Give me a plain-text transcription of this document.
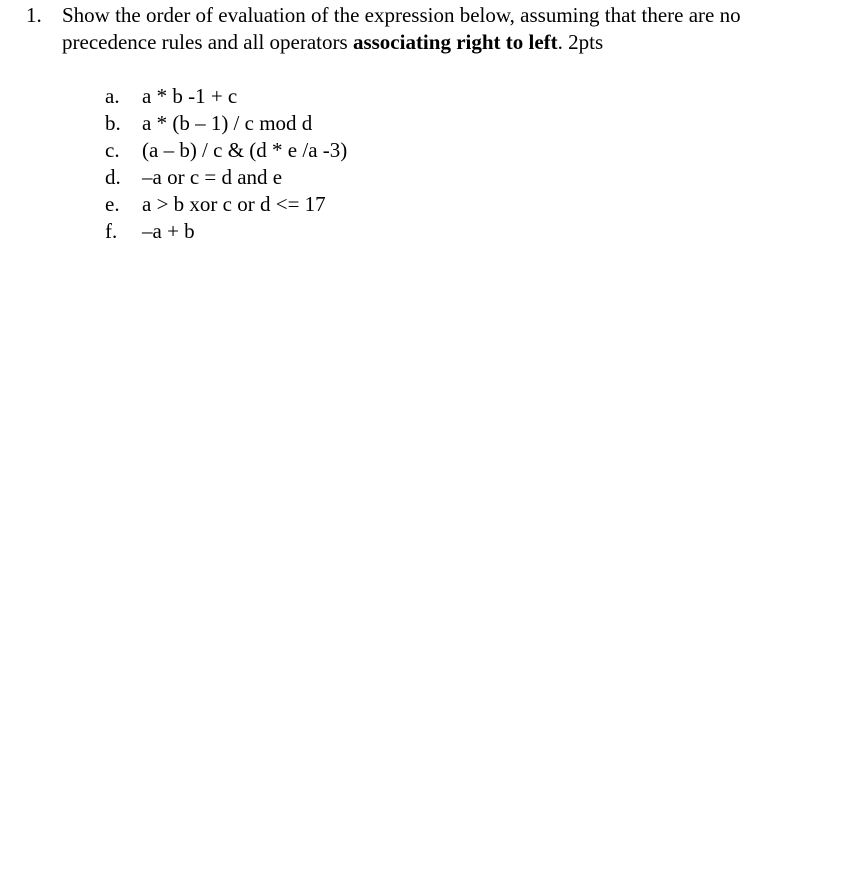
1. Show the order of evaluation of the expression below, assuming that there are no precedence rules and all operators associating right to left. 2pts
a.	a * b -1 + c
b.	a * (b – 1) / c mod d
c.	(a – b) / c & (d * e /a -3)
d.	–a or c = d and e
e.	a > b xor c or d <= 17
f.	–a + b
